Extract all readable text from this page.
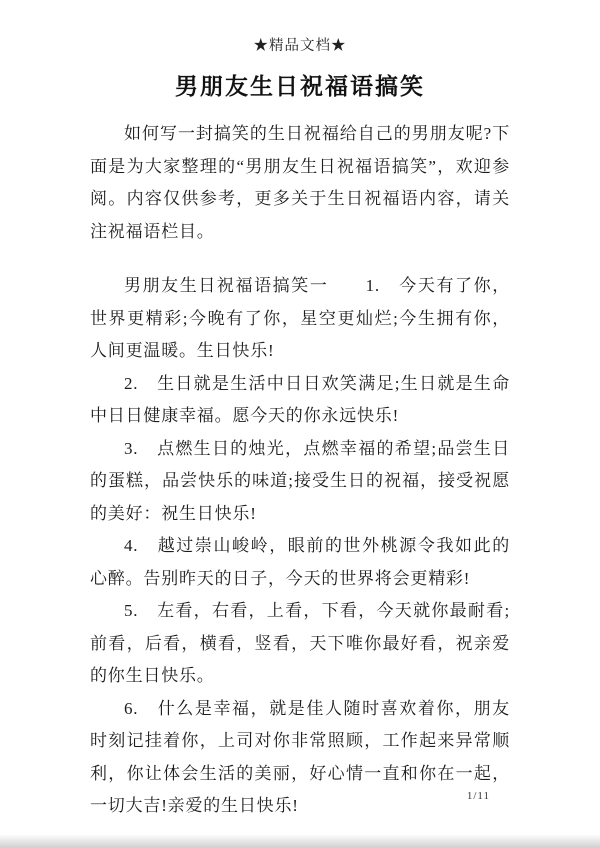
★精品文档★
男朋友生日祝福语搞笑

如何写一封搞笑的生日祝福给自己的男朋友呢?下面是为大家整理的“男朋友生日祝福语搞笑”，欢迎参阅。内容仅供参考，更多关于生日祝福语内容，请关注祝福语栏目。

男朋友生日祝福语搞笑一　　1.　今天有了你，世界更精彩;今晚有了你，星空更灿烂;今生拥有你，人间更温暖。生日快乐!

2.　生日就是生活中日日欢笑满足;生日就是生命中日日健康幸福。愿今天的你永远快乐!

3.　点燃生日的烛光，点燃幸福的希望;品尝生日的蛋糕，品尝快乐的味道;接受生日的祝福，接受祝愿的美好：祝生日快乐!

4.　越过崇山峻岭，眼前的世外桃源令我如此的心醉。告别昨天的日子，今天的世界将会更精彩!

5.　左看，右看，上看，下看，今天就你最耐看;前看，后看，横看，竖看，天下唯你最好看，祝亲爱的你生日快乐。

6.　什么是幸福，就是佳人随时喜欢着你，朋友时刻记挂着你，上司对你非常照顾，工作起来异常顺利，你让体会生活的美丽，好心情一直和你在一起，一切大吉!亲爱的生日快乐!	1/11
